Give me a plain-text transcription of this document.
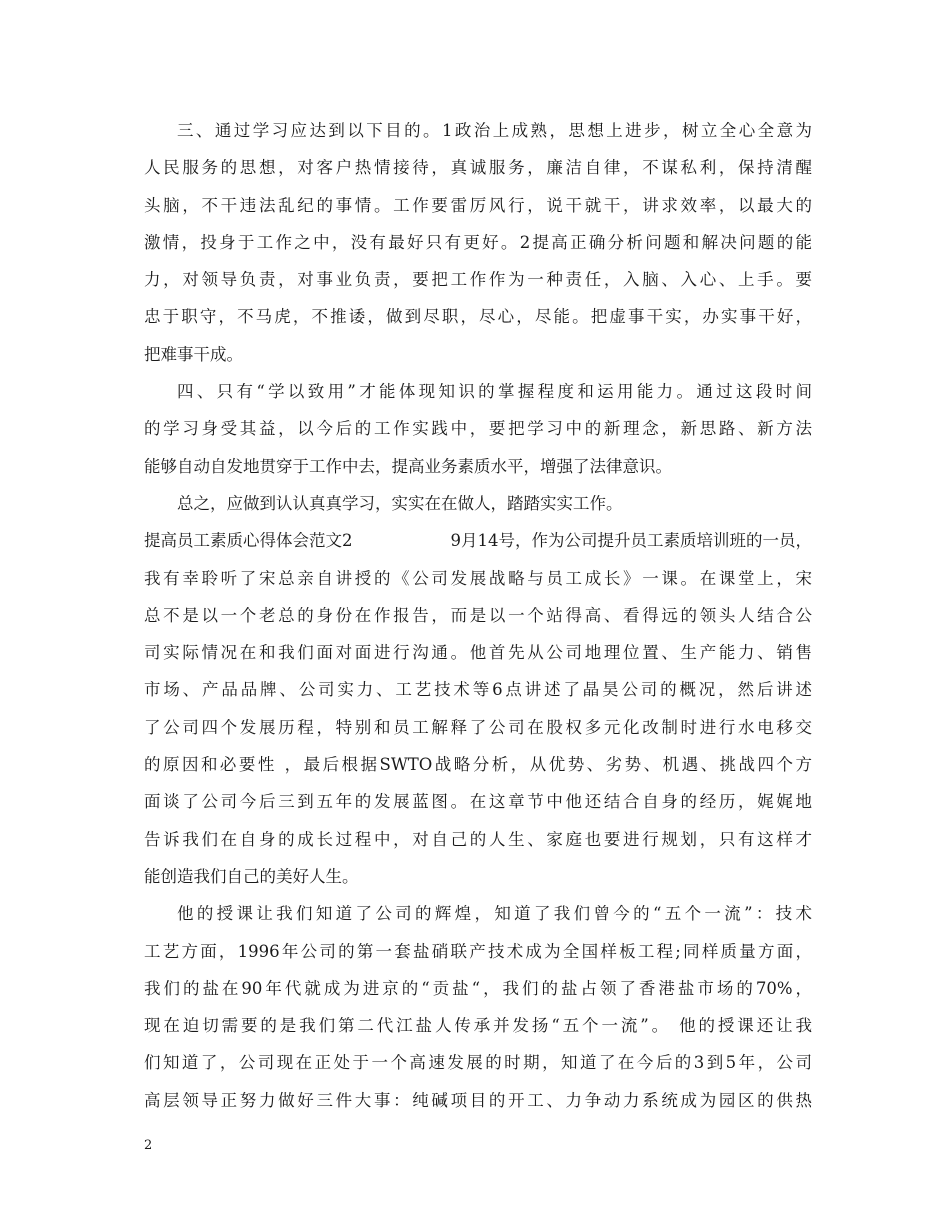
三、通过学习应达到以下目的。1政治上成熟，思想上进步，树立全心全意为
人民服务的思想，对客户热情接待，真诚服务，廉洁自律，不谋私利，保持清醒
头脑，不干违法乱纪的事情。工作要雷厉风行，说干就干，讲求效率，以最大的
激情，投身于工作之中，没有最好只有更好。2提高正确分析问题和解决问题的能
力，对领导负责，对事业负责，要把工作作为一种责任，入脑、入心、上手。要
忠于职守，不马虎，不推诿，做到尽职，尽心，尽能。把虚事干实，办实事干好，
把难事干成。
四、只有“学以致用”才能体现知识的掌握程度和运用能力。通过这段时间
的学习身受其益，以今后的工作实践中，要把学习中的新理念，新思路、新方法
能够自动自发地贯穿于工作中去，提高业务素质水平，增强了法律意识。
总之，应做到认认真真学习，实实在在做人，踏踏实实工作。
提高员工素质心得体会范文2	9月14号，作为公司提升员工素质培训班的一员，
我有幸聆听了宋总亲自讲授的《公司发展战略与员工成长》一课。在课堂上，宋
总不是以一个老总的身份在作报告，而是以一个站得高、看得远的领头人结合公
司实际情况在和我们面对面进行沟通。他首先从公司地理位置、生产能力、销售
市场、产品品牌、公司实力、工艺技术等6点讲述了晶昊公司的概况，然后讲述
了公司四个发展历程，特别和员工解释了公司在股权多元化改制时进行水电移交
的原因和必要性 ，最后根据SWTO战略分析，从优势、劣势、机遇、挑战四个方
面谈了公司今后三到五年的发展蓝图。在这章节中他还结合自身的经历，娓娓地
告诉我们在自身的成长过程中，对自己的人生、家庭也要进行规划，只有这样才
能创造我们自己的美好人生。
他的授课让我们知道了公司的辉煌，知道了我们曾今的“五个一流”：技术
工艺方面，1996年公司的第一套盐硝联产技术成为全国样板工程;同样质量方面，
我们的盐在90年代就成为进京的“贡盐“，我们的盐占领了香港盐市场的70%，
现在迫切需要的是我们第二代江盐人传承并发扬“五个一流”。 他的授课还让我
们知道了，公司现在正处于一个高速发展的时期，知道了在今后的3到5年，公司
高层领导正努力做好三件大事：纯碱项目的开工、力争动力系统成为园区的供热
2
